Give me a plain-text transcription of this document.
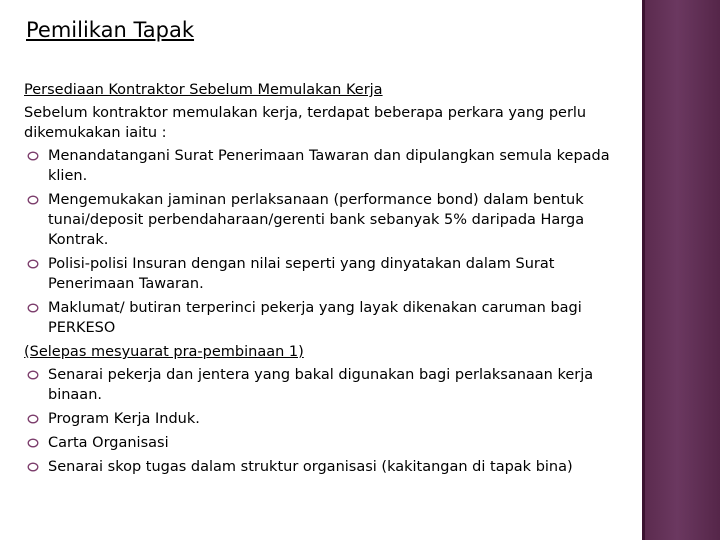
Pemilikan Tapak
Persediaan Kontraktor Sebelum Memulakan Kerja
Sebelum kontraktor memulakan kerja, terdapat beberapa perkara yang perlu dikemukakan iaitu :
Menandatangani Surat Penerimaan Tawaran dan dipulangkan semula kepada klien.
Mengemukakan jaminan perlaksanaan (performance bond) dalam bentuk tunai/deposit perbendaharaan/gerenti bank sebanyak 5% daripada Harga Kontrak.
Polisi-polisi Insuran dengan nilai seperti yang dinyatakan dalam Surat Penerimaan Tawaran.
Maklumat/ butiran terperinci pekerja yang layak dikenakan caruman bagi PERKESO
(Selepas mesyuarat pra-pembinaan 1)
Senarai pekerja dan jentera yang bakal digunakan bagi perlaksanaan kerja binaan.
Program Kerja Induk.
Carta Organisasi
Senarai skop tugas dalam struktur organisasi (kakitangan di tapak bina)
